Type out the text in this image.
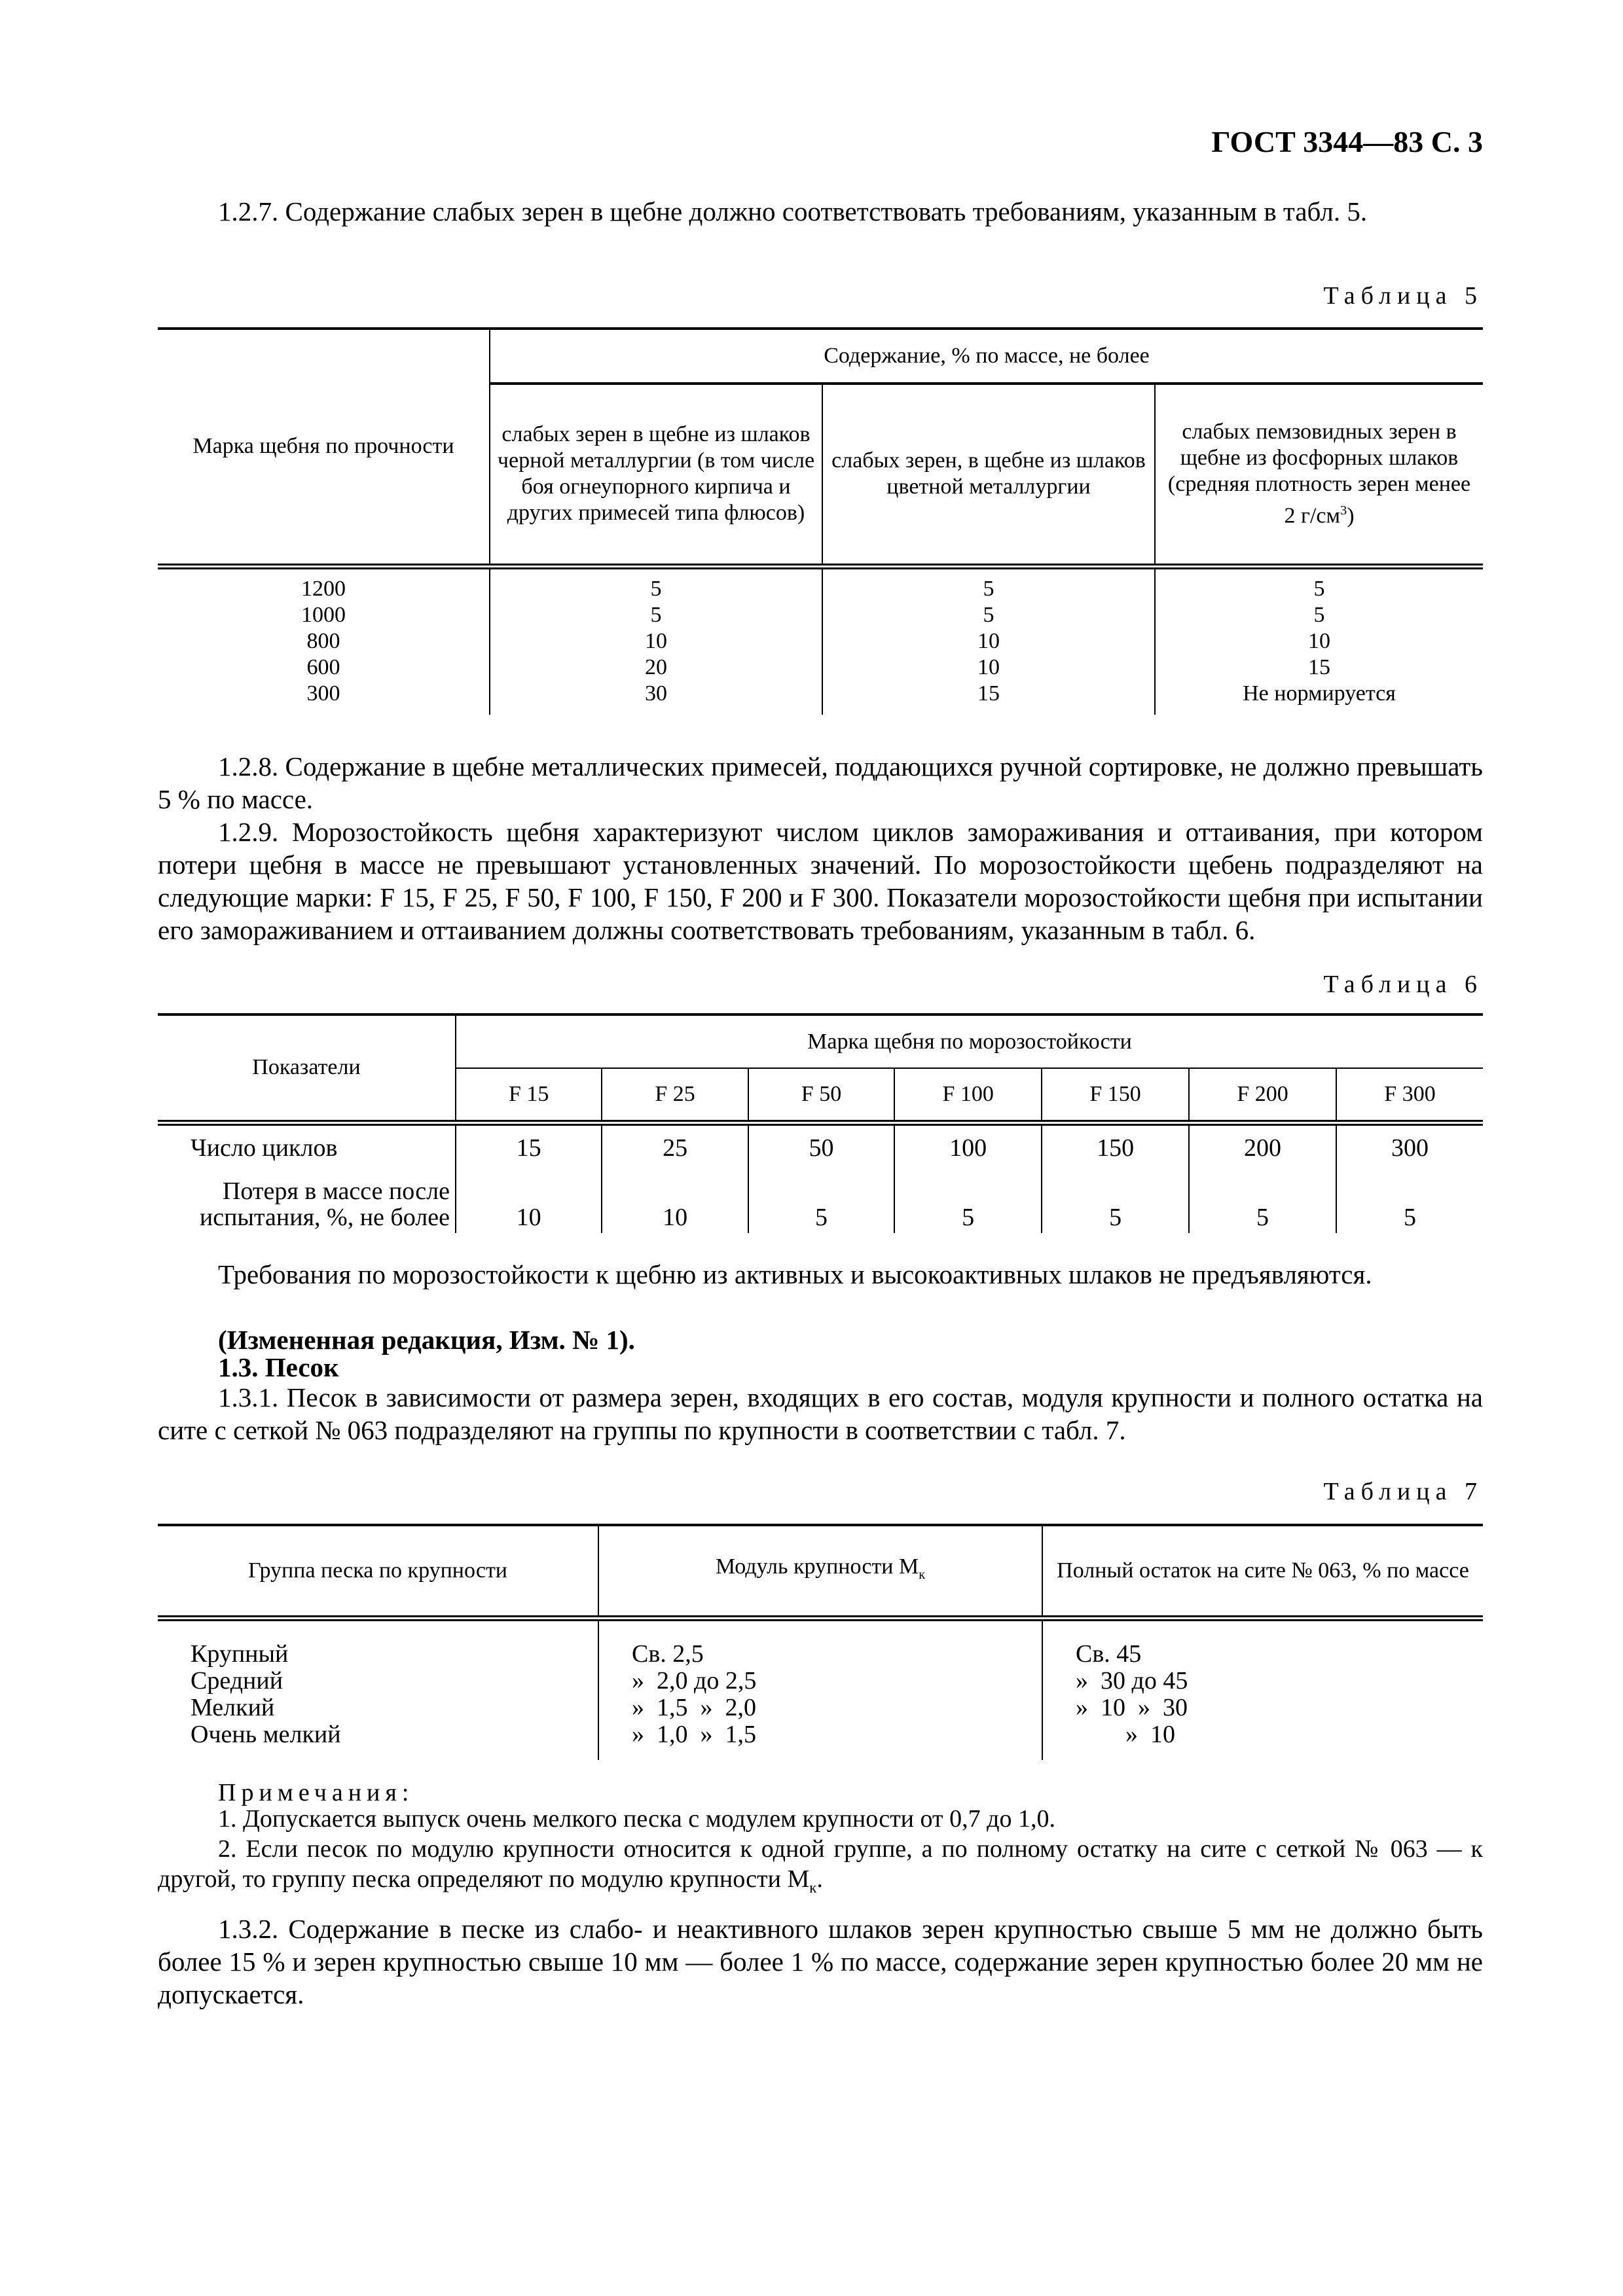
ГОСТ 3344—83 С. 3
1.2.7. Содержание слабых зерен в щебне должно соответствовать требованиям, указанным в табл. 5.
Таблица 5
Марка щебня по прочности	Содержание, % по массе, не более		
	слабых зерен в щебне из шлаков черной металлургии (в том числе боя огнеупорного кирпича и других примесей типа флюсов)	слабых зерен, в щебне из шлаков цветной металлургии	слабых пемзовидных зерен в щебне из фосфорных шлаков (средняя плотность зерен менее 2 $г/см^3$)
1200	5	5	5
1000	5	5	5
800	10	10	10
600	20	10	15
300	30	15	Не нормируется
1.2.8. Содержание в щебне металлических примесей, поддающихся ручной сортировке, не должно превышать 5 % по массе.
1.2.9. Морозостойкость щебня характеризуют числом циклов замораживания и оттаивания, при котором потери щебня в массе не превышают установленных значений. По морозостойкости щебень подразделяют на следующие марки: F 15, F 25, F 50, F 100, F 150, F 200 и F 300. Показатели морозостойкости щебня при испытании его замораживанием и оттаиванием должны соответствовать требованиям, указанным в табл. 6.
Таблица 6
Показатели	Марка щебня по морозостойкости						
	F 15	F 25	F 50	F 100	F 150	F 200	F 300
Число циклов	15	25	50	100	150	200	300
Потеря в массе после испытания, %, не более	10	10	5	5	5	5	5
Требования по морозостойкости к щебню из активных и высокоактивных шлаков не предъявляются.
(Измененная редакция, Изм. № 1).
1.3. Песок
1.3.1. Песок в зависимости от размера зерен, входящих в его состав, модуля крупности и полного остатка на сите с сеткой № 063 подразделяют на группы по крупности в соответствии с табл. 7.
Таблица 7
Группа песка по крупности	Модуль крупности $M_к$	Полный остаток на сите № 063, % по массе
Крупный	Св. 2,5	Св. 45
Средний	»  2,0 до 2,5	»  30 до 45
Мелкий	»  1,5  »  2,0	»  10  »  30
Очень мелкий	»  1,0  »  1,5	»  10
Примечания:
1. Допускается выпуск очень мелкого песка с модулем крупности от 0,7 до 1,0.
2. Если песок по модулю крупности относится к одной группе, а по полному остатку на сите с сеткой № 063 — к другой, то группу песка определяют по модулю крупности $M_к$.
1.3.2. Содержание в песке из слабо- и неактивного шлаков зерен крупностью свыше 5 мм не должно быть более 15 % и зерен крупностью свыше 10 мм — более 1 % по массе, содержание зерен крупностью более 20 мм не допускается.
